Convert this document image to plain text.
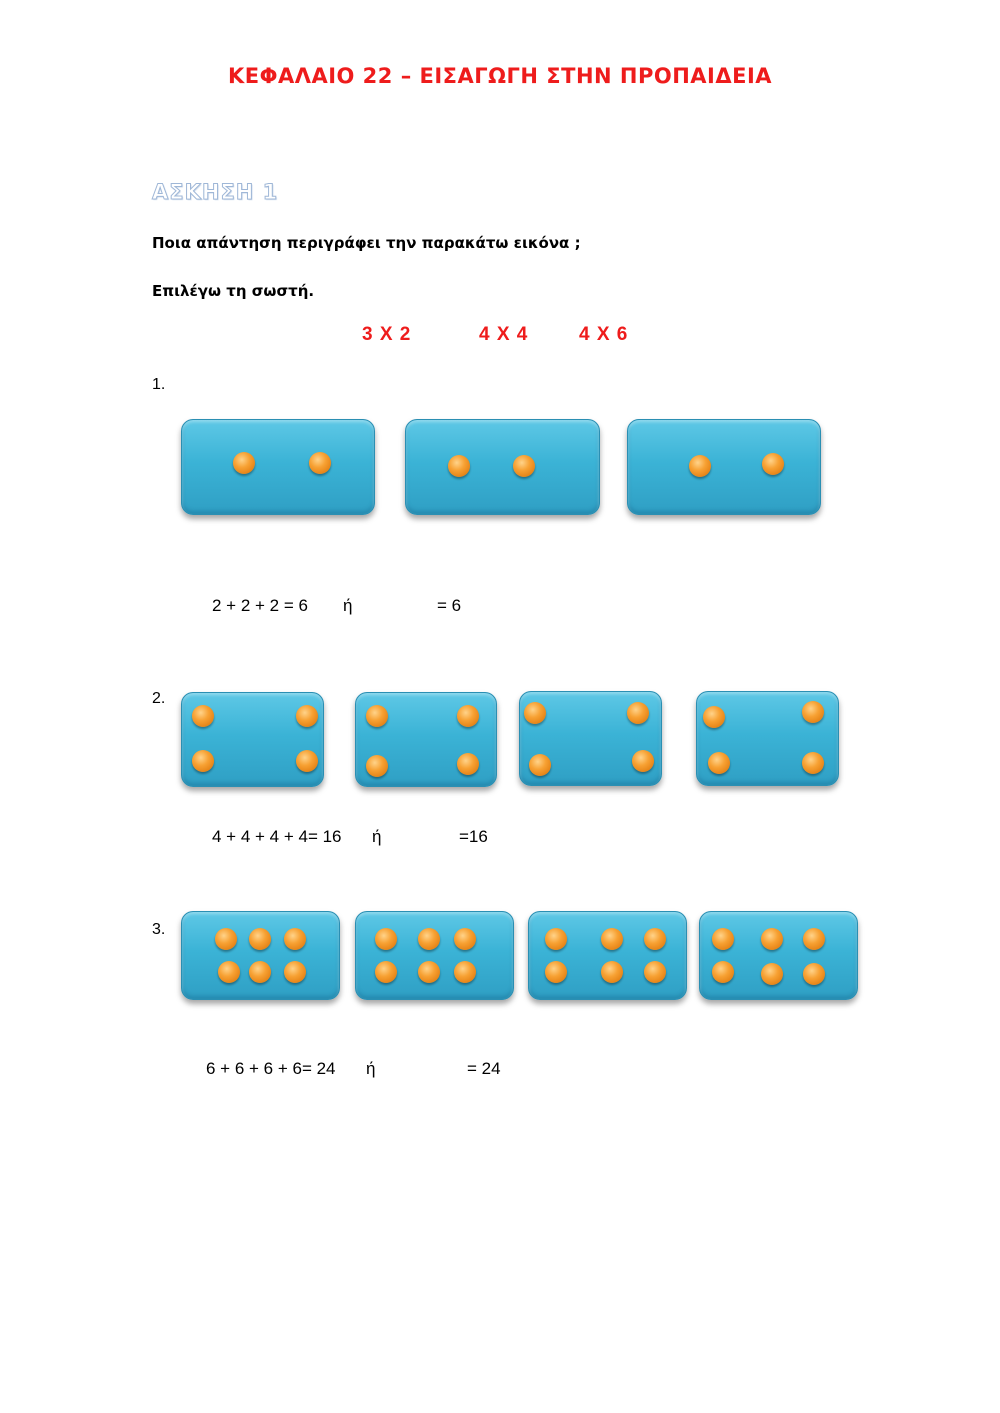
ΚΕΦΑΛΑΙΟ 22 – ΕΙΣΑΓΩΓΗ ΣΤΗΝ ΠΡΟΠΑΙΔΕΙΑ
ΑΣΚΗΣΗ 1
Ποια απάντηση περιγράφει την παρακάτω εικόνα ;
Επιλέγω τη σωστή.
3 X 2	4 X 4	4 X 6
1.
2 + 2 + 2 = 6 ή	= 6
2.
4 + 4 + 4 + 4= 16 ή	=16
3.
6 + 6 + 6 + 6= 24 ή	= 24
